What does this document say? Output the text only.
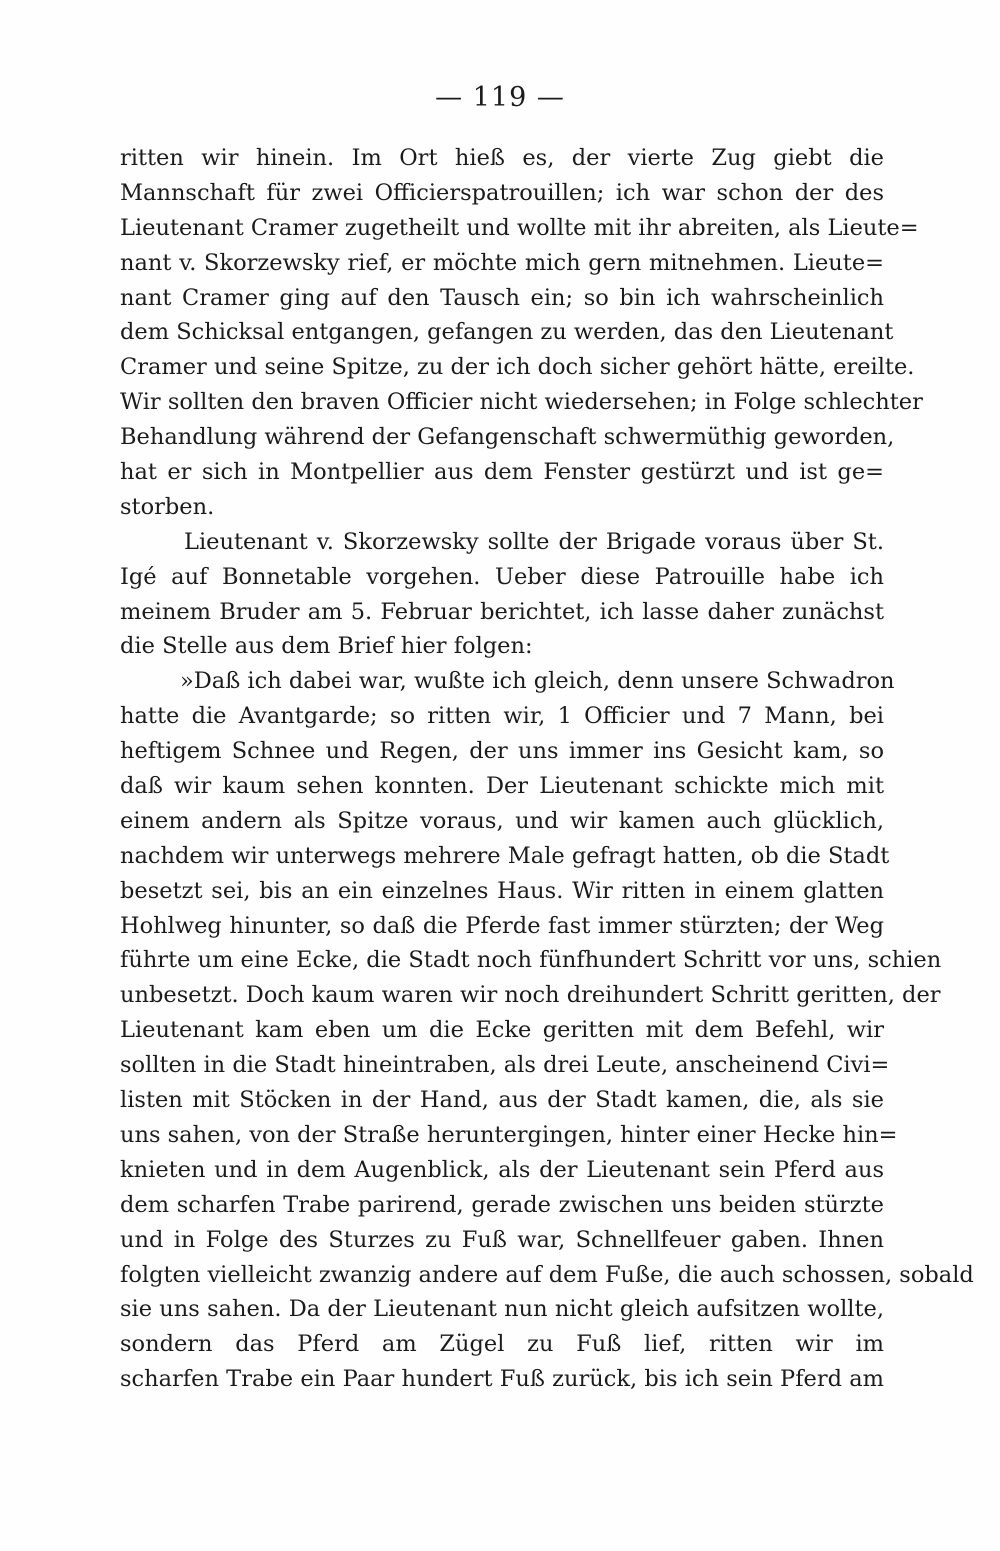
— 119 —
ritten wir hinein. Im Ort hieß es, der vierte Zug giebt die
Mannschaft für zwei Officierspatrouillen; ich war schon der des
Lieutenant Cramer zugetheilt und wollte mit ihr abreiten, als Lieute=
nant v. Skorzewsky rief, er möchte mich gern mitnehmen. Lieute=
nant Cramer ging auf den Tausch ein; so bin ich wahrscheinlich
dem Schicksal entgangen, gefangen zu werden, das den Lieutenant
Cramer und seine Spitze, zu der ich doch sicher gehört hätte, ereilte.
Wir sollten den braven Officier nicht wiedersehen; in Folge schlechter
Behandlung während der Gefangenschaft schwermüthig geworden,
hat er sich in Montpellier aus dem Fenster gestürzt und ist ge=
storben.
Lieutenant v. Skorzewsky sollte der Brigade voraus über St.
Igé auf Bonnetable vorgehen. Ueber diese Patrouille habe ich
meinem Bruder am 5. Februar berichtet, ich lasse daher zunächst
die Stelle aus dem Brief hier folgen:
»Daß ich dabei war, wußte ich gleich, denn unsere Schwadron
hatte die Avantgarde; so ritten wir, 1 Officier und 7 Mann, bei
heftigem Schnee und Regen, der uns immer ins Gesicht kam, so
daß wir kaum sehen konnten. Der Lieutenant schickte mich mit
einem andern als Spitze voraus, und wir kamen auch glücklich,
nachdem wir unterwegs mehrere Male gefragt hatten, ob die Stadt
besetzt sei, bis an ein einzelnes Haus. Wir ritten in einem glatten
Hohlweg hinunter, so daß die Pferde fast immer stürzten; der Weg
führte um eine Ecke, die Stadt noch fünfhundert Schritt vor uns, schien
unbesetzt. Doch kaum waren wir noch dreihundert Schritt geritten, der
Lieutenant kam eben um die Ecke geritten mit dem Befehl, wir
sollten in die Stadt hineintraben, als drei Leute, anscheinend Civi=
listen mit Stöcken in der Hand, aus der Stadt kamen, die, als sie
uns sahen, von der Straße heruntergingen, hinter einer Hecke hin=
knieten und in dem Augenblick, als der Lieutenant sein Pferd aus
dem scharfen Trabe parirend, gerade zwischen uns beiden stürzte
und in Folge des Sturzes zu Fuß war, Schnellfeuer gaben. Ihnen
folgten vielleicht zwanzig andere auf dem Fuße, die auch schossen, sobald
sie uns sahen. Da der Lieutenant nun nicht gleich aufsitzen wollte,
sondern das Pferd am Zügel zu Fuß lief, ritten wir im
scharfen Trabe ein Paar hundert Fuß zurück, bis ich sein Pferd am
